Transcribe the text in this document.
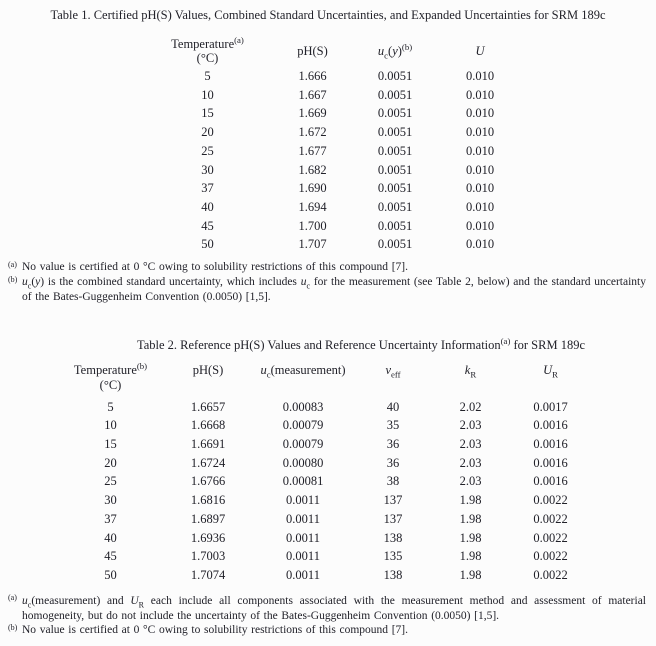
Table 1. Certified pH(S) Values, Combined Standard Uncertainties, and Expanded Uncertainties for SRM 189c
Temperature$^{(a)}$
(°C)	pH(S)	$u_c(y)^{(b)}$	U
5	1.666	0.0051	0.010
10	1.667	0.0051	0.010
15	1.669	0.0051	0.010
20	1.672	0.0051	0.010
25	1.677	0.0051	0.010
30	1.682	0.0051	0.010
37	1.690	0.0051	0.010
40	1.694	0.0051	0.010
45	1.700	0.0051	0.010
50	1.707	0.0051	0.010
(a) No value is certified at 0 °C owing to solubility restrictions of this compound [7].
(b) $u_c(y)$ is the combined standard uncertainty, which includes $u_c$ for the measurement (see Table 2, below) and the standard uncertainty of the Bates-Guggenheim Convention (0.0050) [1,5].
Table 2. Reference pH(S) Values and Reference Uncertainty Information$^{(a)}$ for SRM 189c
Temperature$^{(b)}$
(°C)	pH(S)	$u_c(measurement)$	$v_{eff}$	$k_R$	$U_R$
5	1.6657	0.00083	40	2.02	0.0017
10	1.6668	0.00079	35	2.03	0.0016
15	1.6691	0.00079	36	2.03	0.0016
20	1.6724	0.00080	36	2.03	0.0016
25	1.6766	0.00081	38	2.03	0.0016
30	1.6816	0.0011	137	1.98	0.0022
37	1.6897	0.0011	137	1.98	0.0022
40	1.6936	0.0011	138	1.98	0.0022
45	1.7003	0.0011	135	1.98	0.0022
50	1.7074	0.0011	138	1.98	0.0022
(a) $u_c(measurement)$ and $U_R$ each include all components associated with the measurement method and assessment of material homogeneity, but do not include the uncertainty of the Bates-Guggenheim Convention (0.0050) [1,5].
(b) No value is certified at 0 °C owing to solubility restrictions of this compound [7].
